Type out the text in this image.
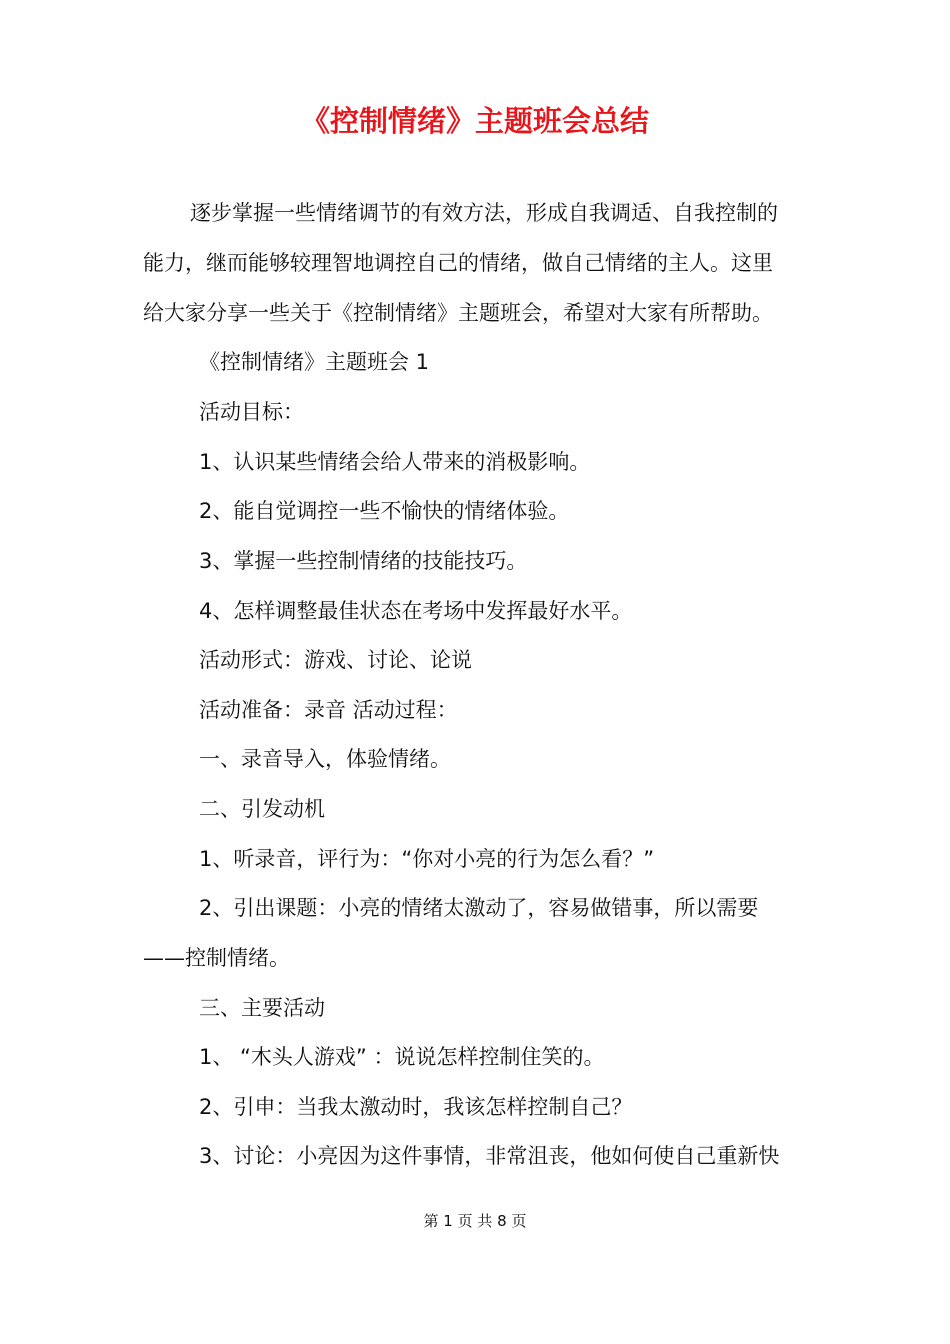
《控制情绪》主题班会总结
逐步掌握一些情绪调节的有效方法，形成自我调适、自我控制的
能力，继而能够较理智地调控自己的情绪，做自己情绪的主人。这里
给大家分享一些关于《控制情绪》主题班会，希望对大家有所帮助。
《控制情绪》主题班会 1
活动目标：
1、认识某些情绪会给人带来的消极影响。
2、能自觉调控一些不愉快的情绪体验。
3、掌握一些控制情绪的技能技巧。
4、怎样调整最佳状态在考场中发挥最好水平。
活动形式：游戏、讨论、论说
活动准备：录音 活动过程：
一、录音导入，体验情绪。
二、引发动机
1、听录音，评行为：“你对小亮的行为怎么看？”
2、引出课题：小亮的情绪太激动了，容易做错事，所以需要
——控制情绪。
三、主要活动
1、 “木头人游戏” ：说说怎样控制住笑的。
2、引申：当我太激动时，我该怎样控制自己？
3、讨论：小亮因为这件事情，非常沮丧，他如何使自己重新快
第 1 页 共 8 页
